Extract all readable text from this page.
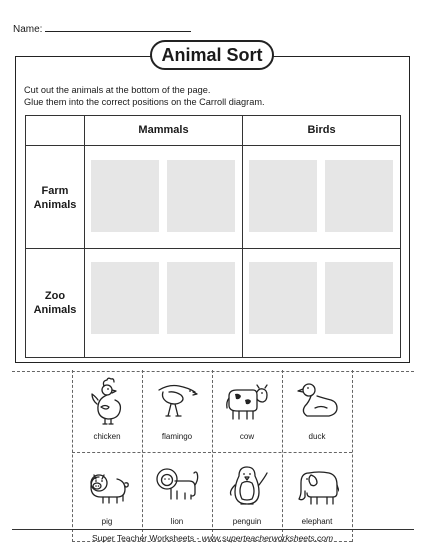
Name:
Animal Sort
Cut out the animals at the bottom of the page.
Glue them into the correct positions on the Carroll diagram.
Mammals	Birds
Farm
Animals
Zoo
Animals
chicken	flamingo	cow	duck
pig	lion	penguin	elephant
Super Teacher Worksheets - www.superteacherworksheets.com
